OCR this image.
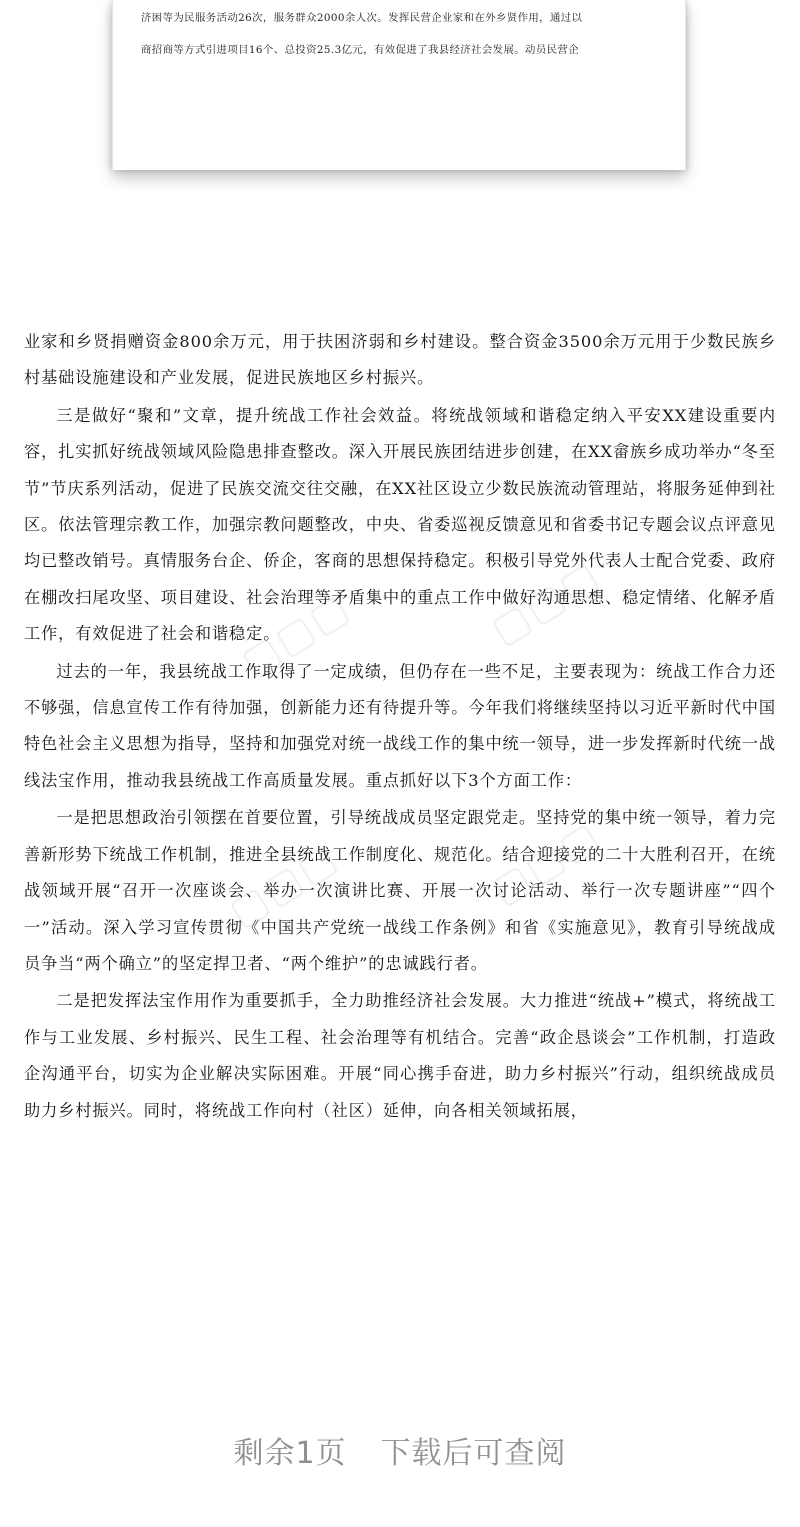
济困等为民服务活动26次，服务群众2000余人次。发挥民营企业家和在外乡贤作用，通过以
商招商等方式引进项目16个、总投资25.3亿元，有效促进了我县经济社会发展。动员民营企
▢▢▢	▢▢▢
▢▢▢	▢▢▢

业家和乡贤捐赠资金800余万元，用于扶困济弱和乡村建设。整合资金3500余万元用于少数民族乡村基础设施建设和产业发展，促进民族地区乡村振兴。

三是做好“聚和”文章，提升统战工作社会效益。将统战领域和谐稳定纳入平安XX建设重要内容，扎实抓好统战领域风险隐患排查整改。深入开展民族团结进步创建，在XX畲族乡成功举办“冬至节”节庆系列活动，促进了民族交流交往交融，在XX社区设立少数民族流动管理站，将服务延伸到社区。依法管理宗教工作，加强宗教问题整改，中央、省委巡视反馈意见和省委书记专题会议点评意见均已整改销号。真情服务台企、侨企，客商的思想保持稳定。积极引导党外代表人士配合党委、政府在棚改扫尾攻坚、项目建设、社会治理等矛盾集中的重点工作中做好沟通思想、稳定情绪、化解矛盾工作，有效促进了社会和谐稳定。

过去的一年，我县统战工作取得了一定成绩，但仍存在一些不足，主要表现为：统战工作合力还不够强，信息宣传工作有待加强，创新能力还有待提升等。今年我们将继续坚持以习近平新时代中国特色社会主义思想为指导，坚持和加强党对统一战线工作的集中统一领导，进一步发挥新时代统一战线法宝作用，推动我县统战工作高质量发展。重点抓好以下3个方面工作：

一是把思想政治引领摆在首要位置，引导统战成员坚定跟党走。坚持党的集中统一领导，着力完善新形势下统战工作机制，推进全县统战工作制度化、规范化。结合迎接党的二十大胜利召开，在统战领域开展“召开一次座谈会、举办一次演讲比赛、开展一次讨论活动、举行一次专题讲座”“四个一”活动。深入学习宣传贯彻《中国共产党统一战线工作条例》和省《实施意见》，教育引导统战成员争当“两个确立”的坚定捍卫者、“两个维护”的忠诚践行者。

二是把发挥法宝作用作为重要抓手，全力助推经济社会发展。大力推进“统战+”模式，将统战工作与工业发展、乡村振兴、民生工程、社会治理等有机结合。完善“政企恳谈会”工作机制，打造政企沟通平台，切实为企业解决实际困难。开展“同心携手奋进，助力乡村振兴”行动，组织统战成员助力乡村振兴。同时，将统战工作向村（社区）延伸，向各相关领域拓展，

剩余1页 下载后可查阅
